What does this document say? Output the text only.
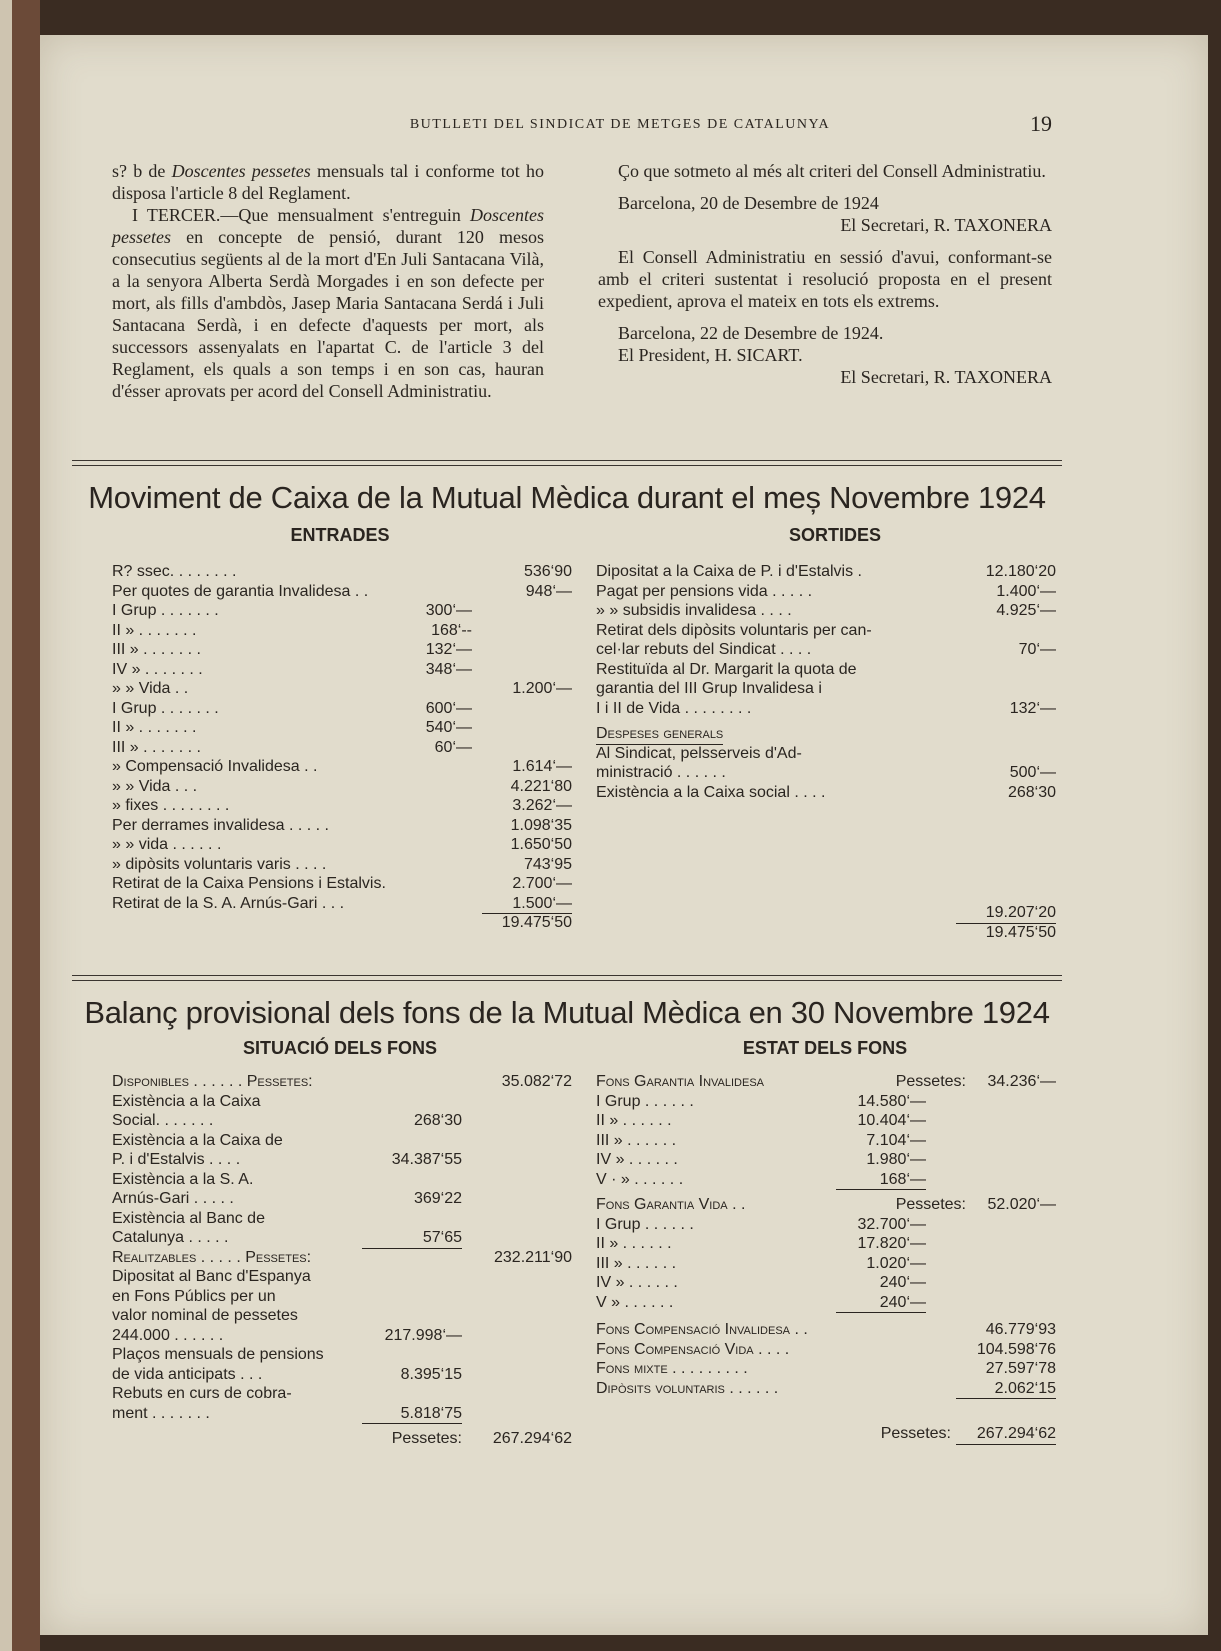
BUTLLETI DEL SINDICAT DE METGES DE CATALUNYA	19

s? b de Doscentes pessetes mensuals tal i conforme tot ho disposa l'article 8 del Reglament.

I TERCER.—Que mensualment s'entreguin Doscentes pessetes en concepte de pensió, durant 120 mesos consecutius següents al de la mort d'En Juli Santacana Vilà, a la senyora Alberta Serdà Morgades i en son defecte per mort, als fills d'ambdòs, Jasep Maria Santacana Serdá i Juli Santacana Serdà, i en defecte d'aquests per mort, als successors assenyalats en l'apartat C. de l'article 3 del Reglament, els quals a son temps i en son cas, hauran d'ésser aprovats per acord del Consell Administratiu.

Ço que sotmeto al més alt criteri del Consell Administratiu.

Barcelona, 20 de Desembre de 1924

El Secretari, R. TAXONERA

El Consell Administratiu en sessió d'avui, conformant-se amb el criteri sustentat i resolució proposta en el present expedient, aprova el mateix en tots els extrems.

Barcelona, 22 de Desembre de 1924.

El President, H. SICART.

El Secretari, R. TAXONERA

Moviment de Caixa de la Mutual Mèdica durant el meș Novembre 1924
ENTRADES	SORTIDES
R? ssec. . . . . . . .	536‘90
Per quotes de garantia Invalidesa . .	948‘—
I Grup . . . . . . .	300‘—
II » . . . . . . .	168‘--
III » . . . . . . .	132‘—
IV » . . . . . . .	348‘—
» » Vida . .	1.200‘—
I Grup . . . . . . .	600‘—
II » . . . . . . .	540‘—
III » . . . . . . .	60‘—
» Compensació Invalidesa . .	1.614‘—
» » Vida . . .	4.221‘80
» fixes . . . . . . . .	3.262‘—
Per derrames invalidesa . . . . .	1.098‘35
» » vida . . . . . .	1.650‘50
» dipòsits voluntaris varis . . . .	743‘95
Retirat de la Caixa Pensions i Estalvis.	2.700‘—
Retirat de la S. A. Arnús-Gari . . .	1.500‘—
19.475‘50
Dipositat a la Caixa de P. i d'Estalvis .	12.180‘20
Pagat per pensions vida . . . . .	1.400‘—
» » subsidis invalidesa . . . .	4.925‘—
Retirat dels dipòsits voluntaris per can-
cel·lar rebuts del Sindicat . . . .	70‘—
Restituïda al Dr. Margarit la quota de
garantia del III Grup Invalidesa i
I i II de Vida . . . . . . . .	132‘—
Despeses generals
Al Sindicat, pelsserveis d'Ad-
ministració . . . . . .	500‘—
Existència a la Caixa social . . . .	268‘30
19.207‘20
19.475‘50
Balanç provisional dels fons de la Mutual Mèdica en 30 Novembre 1924
SITUACIÓ DELS FONS	ESTAT DELS FONS
Disponibles . . . . . . Pessetes:	35.082‘72
Existència a la Caixa
Social. . . . . . .	268‘30
Existència a la Caixa de
P. i d'Estalvis . . . .	34.387‘55
Existència a la S. A.
Arnús-Gari . . . . .	369‘22
Existència al Banc de
Catalunya . . . . .	57‘65
Realitzables . . . . . Pessetes:	232.211‘90
Dipositat al Banc d'Espanya
en Fons Públics per un
valor nominal de pessetes
244.000 . . . . . .	217.998‘—
Plaços mensuals de pensions
de vida anticipats . . .	8.395‘15
Rebuts en curs de cobra-
ment . . . . . . .	5.818‘75
Pessetes:	267.294‘62
Fons Garantia Invalidesa	Pessetes:	34.236‘—
I Grup . . . . . .	14.580‘—
II » . . . . . .	10.404‘—
III » . . . . . .	7.104‘—
IV » . . . . . .	1.980‘—
V · » . . . . . .	168‘—
Fons Garantia Vida . .	Pessetes:	52.020‘—
I Grup . . . . . .	32.700‘—
II » . . . . . .	17.820‘—
III » . . . . . .	1.020‘—
IV » . . . . . .	240‘—
V » . . . . . .	240‘—
Fons Compensació Invalidesa . .	46.779‘93
Fons Compensació Vida . . . .	104.598‘76
Fons mixte . . . . . . . . .	27.597‘78
Dipòsits voluntaris . . . . . .	2.062‘15
Pessetes:	267.294‘62
